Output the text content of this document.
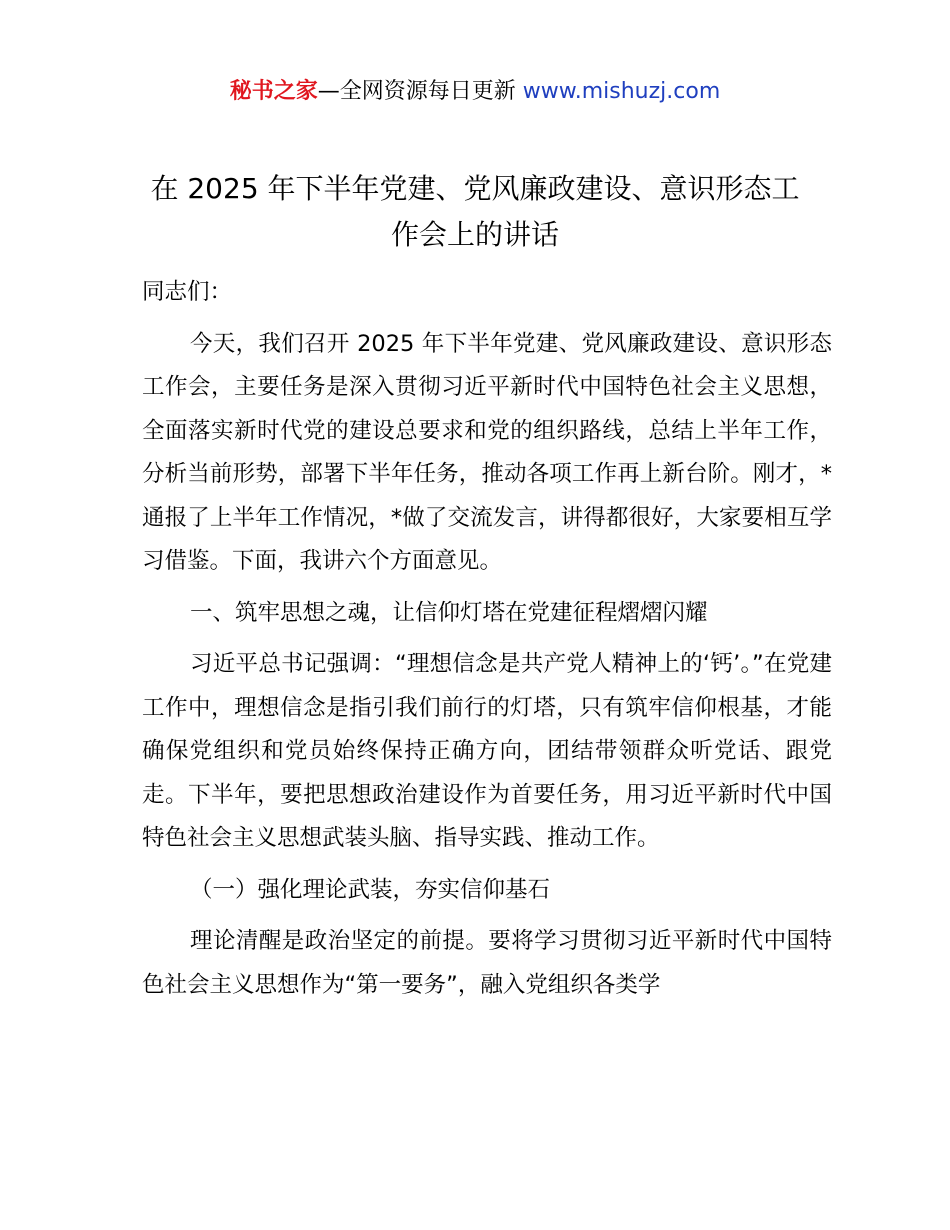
秘书之家—全网资源每日更新 www.mishuzj.com
在 2025 年下半年党建、党风廉政建设、意识形态工作会上的讲话

同志们：

今天，我们召开 2025 年下半年党建、党风廉政建设、意识形态工作会，主要任务是深入贯彻习近平新时代中国特色社会主义思想，全面落实新时代党的建设总要求和党的组织路线，总结上半年工作，分析当前形势，部署下半年任务，推动各项工作再上新台阶。刚才，*通报了上半年工作情况，*做了交流发言，讲得都很好，大家要相互学习借鉴。下面，我讲六个方面意见。

一、筑牢思想之魂，让信仰灯塔在党建征程熠熠闪耀

习近平总书记强调：“理想信念是共产党人精神上的‘钙’。”在党建工作中，理想信念是指引我们前行的灯塔，只有筑牢信仰根基，才能确保党组织和党员始终保持正确方向，团结带领群众听党话、跟党走。下半年，要把思想政治建设作为首要任务，用习近平新时代中国特色社会主义思想武装头脑、指导实践、推动工作。

（一）强化理论武装，夯实信仰基石

理论清醒是政治坚定的前提。要将学习贯彻习近平新时代中国特色社会主义思想作为“第一要务”，融入党组织各类学
